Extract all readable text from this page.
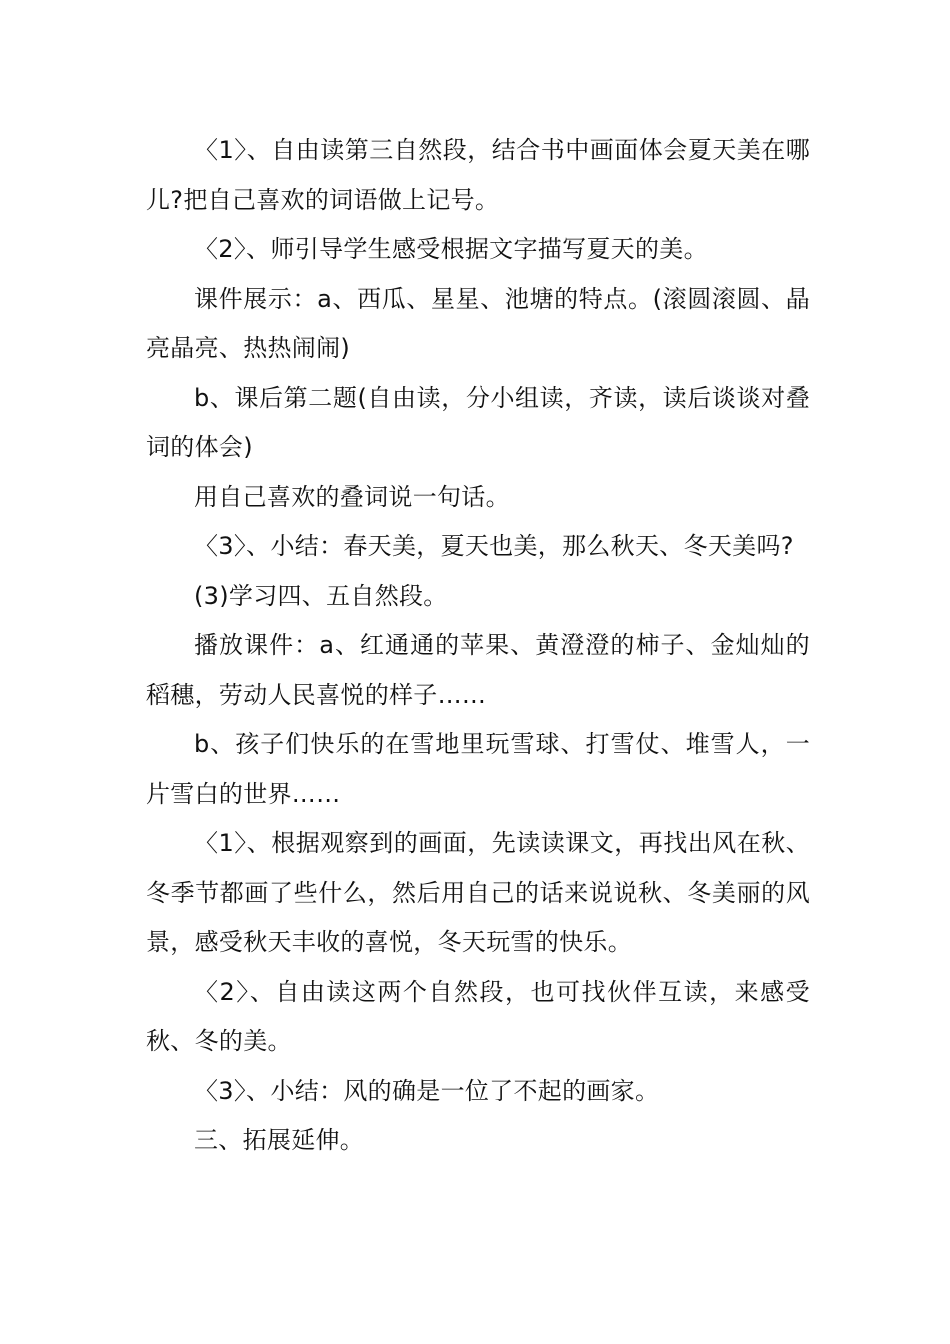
〈1〉、自由读第三自然段，结合书中画面体会夏天美在哪儿?把自己喜欢的词语做上记号。

〈2〉、师引导学生感受根据文字描写夏天的美。

课件展示：a、西瓜、星星、池塘的特点。(滚圆滚圆、晶亮晶亮、热热闹闹)

b、课后第二题(自由读，分小组读，齐读，读后谈谈对叠词的体会)

用自己喜欢的叠词说一句话。

〈3〉、小结：春天美，夏天也美，那么秋天、冬天美吗?

(3)学习四、五自然段。

播放课件：a、红通通的苹果、黄澄澄的柿子、金灿灿的稻穗，劳动人民喜悦的样子……

b、孩子们快乐的在雪地里玩雪球、打雪仗、堆雪人，一片雪白的世界……

〈1〉、根据观察到的画面，先读读课文，再找出风在秋、冬季节都画了些什么，然后用自己的话来说说秋、冬美丽的风景，感受秋天丰收的喜悦，冬天玩雪的快乐。

〈2〉、自由读这两个自然段，也可找伙伴互读，来感受秋、冬的美。

〈3〉、小结：风的确是一位了不起的画家。

三、拓展延伸。
